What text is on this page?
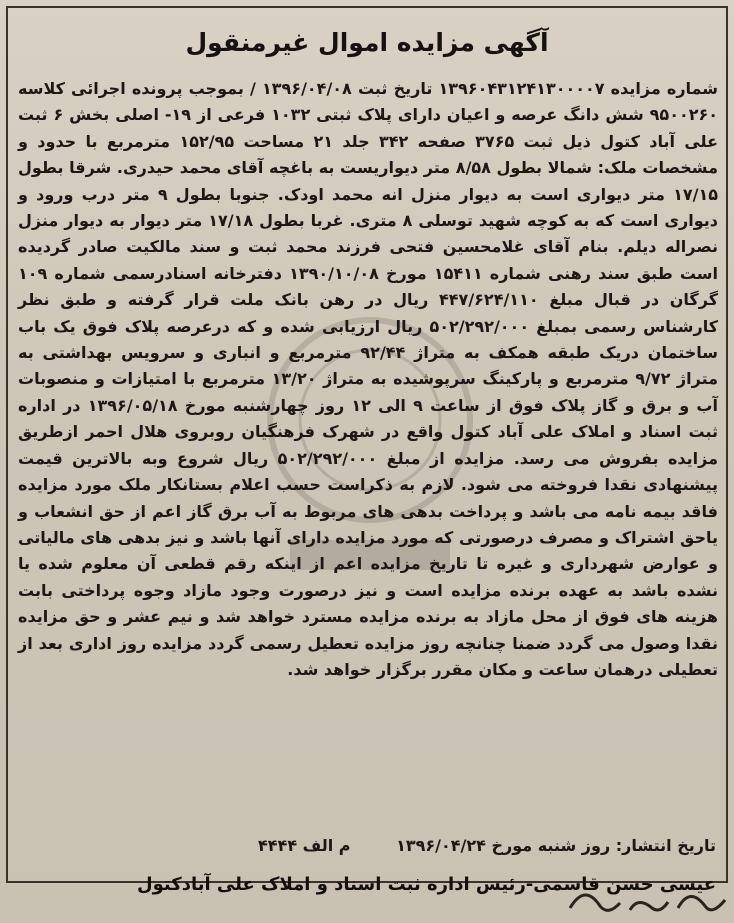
آگهی مزایده اموال غیرمنقول
شماره مزایده ۱۳۹۶۰۴۳۱۲۴۱۳۰۰۰۰۷ تاریخ ثبت ۱۳۹۶/۰۴/۰۸ / بموجب پرونده اجرائی کلاسه ۹۵۰۰۲۶۰ شش دانگ عرصه و اعیان دارای پلاک ثبتی ۱۰۳۲ فرعی از ۱۹- اصلی بخش ۶ ثبت علی آباد کتول ذیل ثبت ۳۷۶۵ صفحه ۳۴۲ جلد ۲۱ مساحت ۱۵۲/۹۵ مترمربع با حدود و مشخصات ملک: شمالا بطول ۸/۵۸ متر دیواریست به باغچه آقای محمد حیدری. شرقا بطول ۱۷/۱۵ متر دیواری است به دیوار منزل انه محمد اودک. جنوبا بطول ۹ متر درب ورود و دیواری است که به کوچه شهید توسلی ۸ متری. غربا بطول ۱۷/۱۸ متر دیوار به دیوار منزل نصراله دیلم. بنام آقای غلامحسین فتحی فرزند محمد ثبت و سند مالکیت صادر گردیده است طبق سند رهنی شماره ۱۵۴۱۱ مورخ ۱۳۹۰/۱۰/۰۸ دفترخانه اسنادرسمی شماره ۱۰۹ گرگان در قبال مبلغ ۴۴۷/۶۲۴/۱۱۰ ریال در رهن بانک ملت قرار گرفته و طبق نظر کارشناس رسمی بمبلغ ۵۰۲/۲۹۲/۰۰۰ ریال ارزیابی شده و که درعرصه پلاک فوق یک باب ساختمان دریک طبقه همکف به متراژ ۹۲/۴۴ مترمربع و انباری و سرویس بهداشتی به متراژ ۹/۷۲ مترمربع و پارکینگ سرپوشیده به متراژ ۱۳/۲۰ مترمربع با امتیازات و منصوبات آب و برق و گاز پلاک فوق از ساعت ۹ الی ۱۲ روز چهارشنبه مورخ ۱۳۹۶/۰۵/۱۸ در اداره ثبت اسناد و املاک علی آباد کتول واقع در شهرک فرهنگیان روبروی هلال احمر ازطریق مزایده بفروش می رسد. مزایده از مبلغ ۵۰۲/۲۹۲/۰۰۰ ریال شروع وبه بالاترین قیمت پیشنهادی نقدا فروخته می شود. لازم به ذکراست حسب اعلام بستانکار ملک مورد مزایده فاقد بیمه نامه می باشد و پرداخت بدهی های مربوط به آب برق گاز اعم از حق انشعاب و یاحق اشتراک و مصرف درصورتی که مورد مزایده دارای آنها باشد و نیز بدهی های مالیاتی و عوارض شهرداری و غیره تا تاریخ مزایده اعم از اینکه رقم قطعی آن معلوم شده یا نشده باشد به عهده برنده مزایده است و نیز درصورت وجود مازاد وجوه پرداختی بابت هزینه های فوق از محل مازاد به برنده مزایده مسترد خواهد شد و نیم عشر و حق مزایده نقدا وصول می گردد ضمنا چنانچه روز مزایده تعطیل رسمی گردد مزایده روز اداری بعد از تعطیلی درهمان ساعت و مکان مقرر برگزار خواهد شد.
تاریخ انتشار: روز شنبه مورخ ۱۳۹۶/۰۴/۲۴ م الف ۴۴۴۴
عیسی حسن قاسمی-رئیس اداره ثبت اسناد و املاک علی آبادکتول
